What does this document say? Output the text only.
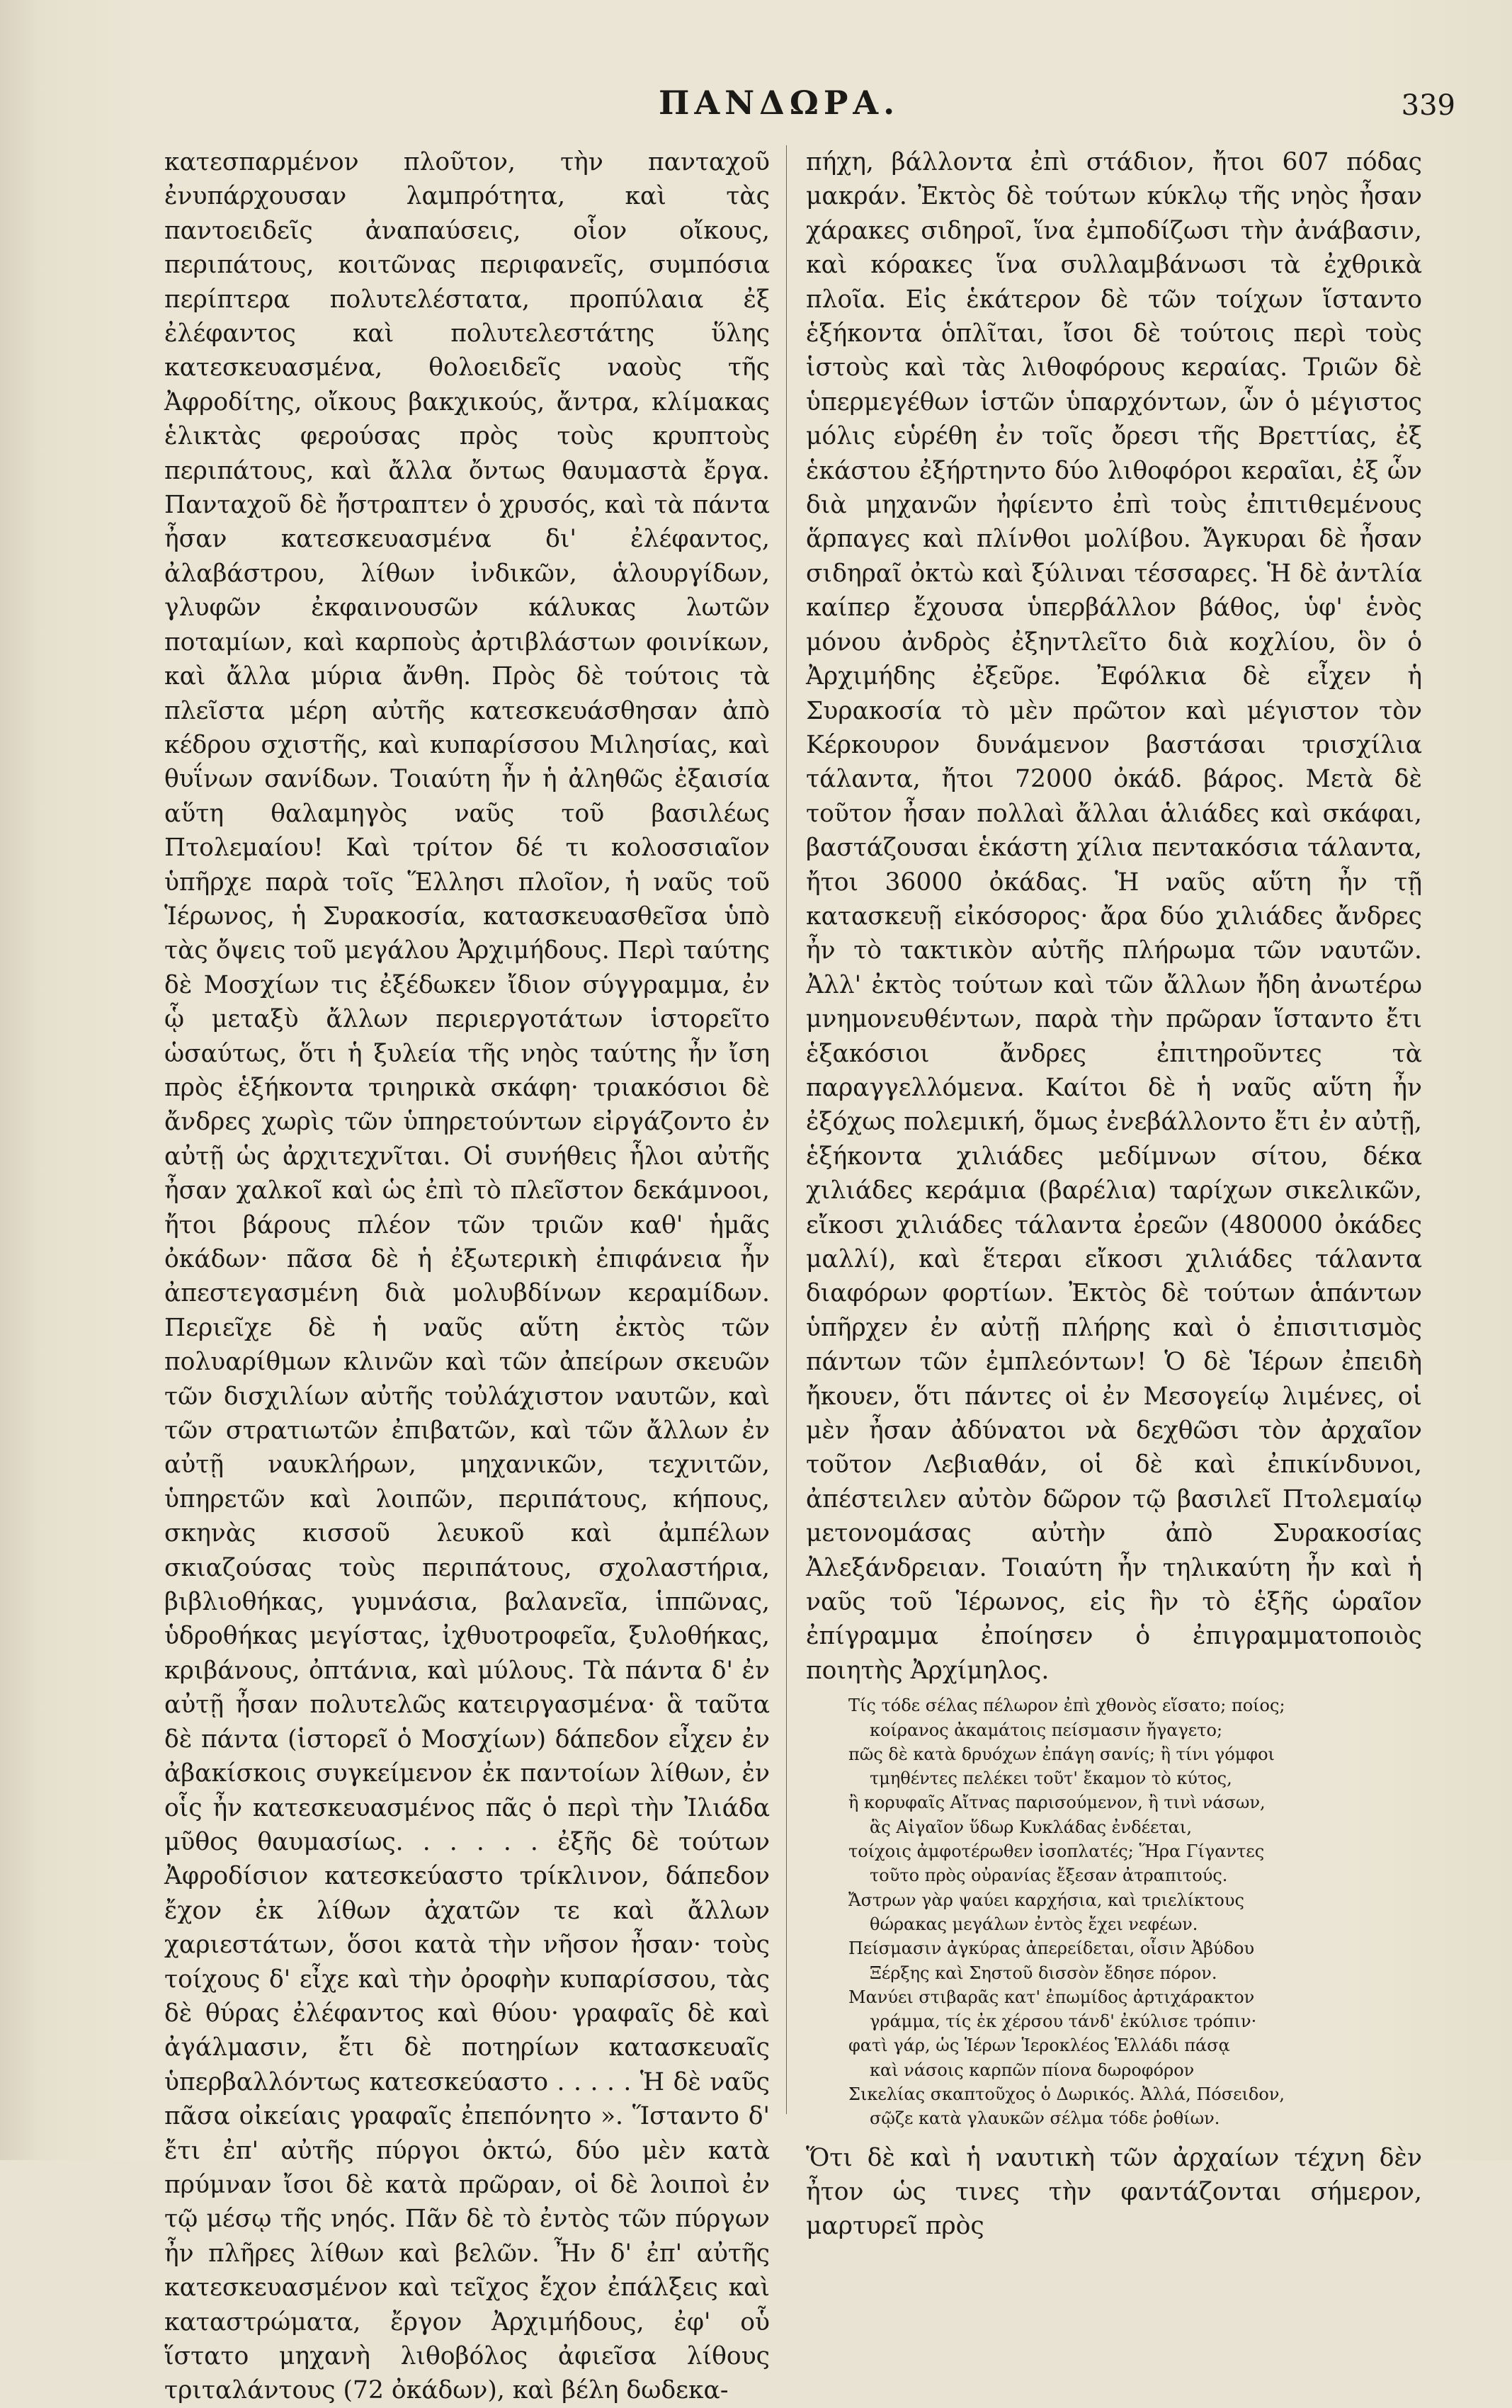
ΠΑΝΔΩΡΑ.	339

κατεσπαρμένον πλοῦτον, τὴν πανταχοῦ ἐνυπάρχουσαν λαμπρότητα, καὶ τὰς παντοειδεῖς ἀναπαύσεις, οἷον οἴκους, περιπάτους, κοιτῶνας περιφανεῖς, συμπόσια περίπτερα πολυτελέστατα, προπύλαια ἐξ ἐλέφαντος καὶ πολυτελεστάτης ὕλης κατεσκευασμένα, θολοειδεῖς ναοὺς τῆς Ἀφροδίτης, οἴκους βακχικούς, ἄντρα, κλίμακας ἑλικτὰς φερούσας πρὸς τοὺς κρυπτοὺς περιπάτους, καὶ ἄλλα ὄντως θαυμαστὰ ἔργα. Πανταχοῦ δὲ ἤστραπτεν ὁ χρυσός, καὶ τὰ πάντα ἦσαν κατεσκευασμένα δι' ἐλέφαντος, ἀλαβάστρου, λίθων ἰνδικῶν, ἁλουργίδων, γλυφῶν ἐκφαινουσῶν κάλυκας λωτῶν ποταμίων, καὶ καρποὺς ἀρτιβλάστων φοινίκων, καὶ ἄλλα μύρια ἄνθη. Πρὸς δὲ τούτοις τὰ πλεῖστα μέρη αὐτῆς κατεσκευάσθησαν ἀπὸ κέδρου σχιστῆς, καὶ κυπαρίσσου Μιλησίας, καὶ θυΐνων σανίδων. Τοιαύτη ἦν ἡ ἀληθῶς ἐξαισία αὕτη θαλαμηγὸς ναῦς τοῦ βασιλέως Πτολεμαίου! Καὶ τρίτον δέ τι κολοσσιαῖον ὑπῆρχε παρὰ τοῖς Ἕλλησι πλοῖον, ἡ ναῦς τοῦ Ἱέρωνος, ἡ Συρακοσία, κατασκευασθεῖσα ὑπὸ τὰς ὄψεις τοῦ μεγάλου Ἀρχιμήδους. Περὶ ταύτης δὲ Μοσχίων τις ἐξέδωκεν ἴδιον σύγγραμμα, ἐν ᾧ μεταξὺ ἄλλων περιεργοτάτων ἱστορεῖτο ὡσαύτως, ὅτι ἡ ξυλεία τῆς νηὸς ταύτης ἦν ἴση πρὸς ἑξήκοντα τριηρικὰ σκάφη· τριακόσιοι δὲ ἄνδρες χωρὶς τῶν ὑπηρετούντων εἰργάζοντο ἐν αὐτῇ ὡς ἀρχιτεχνῖται. Οἱ συνήθεις ἧλοι αὐτῆς ἦσαν χαλκοῖ καὶ ὡς ἐπὶ τὸ πλεῖστον δεκάμνοοι, ἤτοι βάρους πλέον τῶν τριῶν καθ' ἡμᾶς ὀκάδων· πᾶσα δὲ ἡ ἐξωτερικὴ ἐπιφάνεια ἦν ἀπεστεγασμένη διὰ μολυβδίνων κεραμίδων. Περιεῖχε δὲ ἡ ναῦς αὕτη ἐκτὸς τῶν πολυαρίθμων κλινῶν καὶ τῶν ἀπείρων σκευῶν τῶν δισχιλίων αὐτῆς τοὐλάχιστον ναυτῶν, καὶ τῶν στρατιωτῶν ἐπιβατῶν, καὶ τῶν ἄλλων ἐν αὐτῇ ναυκλήρων, μηχανικῶν, τεχνιτῶν, ὑπηρετῶν καὶ λοιπῶν, περιπάτους, κήπους, σκηνὰς κισσοῦ λευκοῦ καὶ ἀμπέλων σκιαζούσας τοὺς περιπάτους, σχολαστήρια, βιβλιοθήκας, γυμνάσια, βαλανεῖα, ἱππῶνας, ὑδροθήκας μεγίστας, ἰχθυοτροφεῖα, ξυλοθήκας, κριβάνους, ὀπτάνια, καὶ μύλους. Τὰ πάντα δ' ἐν αὐτῇ ἦσαν πολυτελῶς κατειργασμένα· ἃ ταῦτα δὲ πάντα (ἱστορεῖ ὁ Μοσχίων) δάπεδον εἶχεν ἐν ἀβακίσκοις συγκείμενον ἐκ παντοίων λίθων, ἐν οἷς ἦν κατεσκευασμένος πᾶς ὁ περὶ τὴν Ἰλιάδα μῦθος θαυμασίως. . . . . . ἐξῆς δὲ τούτων Ἀφροδίσιον κατεσκεύαστο τρίκλινον, δάπεδον ἔχον ἐκ λίθων ἀχατῶν τε καὶ ἄλλων χαριεστάτων, ὅσοι κατὰ τὴν νῆσον ἦσαν· τοὺς τοίχους δ' εἶχε καὶ τὴν ὀροφὴν κυπαρίσσου, τὰς δὲ θύρας ἐλέφαντος καὶ θύου· γραφαῖς δὲ καὶ ἀγάλμασιν, ἔτι δὲ ποτηρίων κατασκευαῖς ὑπερβαλλόντως κατεσκεύαστο . . . . . Ἡ δὲ ναῦς πᾶσα οἰκείαις γραφαῖς ἐπεπόνητο ». Ἵσταντο δ' ἔτι ἐπ' αὐτῆς πύργοι ὀκτώ, δύο μὲν κατὰ πρύμναν ἴσοι δὲ κατὰ πρῶραν, οἱ δὲ λοιποὶ ἐν τῷ μέσῳ τῆς νηός. Πᾶν δὲ τὸ ἐντὸς τῶν πύργων ἦν πλῆρες λίθων καὶ βελῶν. Ἦν δ' ἐπ' αὐτῆς κατεσκευασμένον καὶ τεῖχος ἔχον ἐπάλξεις καὶ καταστρώματα, ἔργον Ἀρχιμήδους, ἐφ' οὗ ἵστατο μηχανὴ λιθοβόλος ἀφιεῖσα λίθους τριταλάντους (72 ὀκάδων), καὶ βέλη δωδεκα-

πήχη, βάλλοντα ἐπὶ στάδιον, ἤτοι 607 πόδας μακράν. Ἐκτὸς δὲ τούτων κύκλῳ τῆς νηὸς ἦσαν χάρακες σιδηροῖ, ἵνα ἐμποδίζωσι τὴν ἀνάβασιν, καὶ κόρακες ἵνα συλλαμβάνωσι τὰ ἐχθρικὰ πλοῖα. Εἰς ἑκάτερον δὲ τῶν τοίχων ἵσταντο ἑξήκοντα ὁπλῖται, ἴσοι δὲ τούτοις περὶ τοὺς ἱστοὺς καὶ τὰς λιθοφόρους κεραίας. Τριῶν δὲ ὑπερμεγέθων ἱστῶν ὑπαρχόντων, ὧν ὁ μέγιστος μόλις εὑρέθη ἐν τοῖς ὄρεσι τῆς Βρεττίας, ἐξ ἑκάστου ἐξήρτηντο δύο λιθοφόροι κεραῖαι, ἐξ ὧν διὰ μηχανῶν ἠφίεντο ἐπὶ τοὺς ἐπιτιθεμένους ἅρπαγες καὶ πλίνθοι μολίβου. Ἄγκυραι δὲ ἦσαν σιδηραῖ ὀκτὼ καὶ ξύλιναι τέσσαρες. Ἡ δὲ ἀντλία καίπερ ἔχουσα ὑπερβάλλον βάθος, ὑφ' ἑνὸς μόνου ἀνδρὸς ἐξηντλεῖτο διὰ κοχλίου, ὃν ὁ Ἀρχιμήδης ἐξεῦρε. Ἐφόλκια δὲ εἶχεν ἡ Συρακοσία τὸ μὲν πρῶτον καὶ μέγιστον τὸν Κέρκουρον δυνάμενον βαστάσαι τρισχίλια τάλαντα, ἤτοι 72000 ὀκάδ. βάρος. Μετὰ δὲ τοῦτον ἦσαν πολλαὶ ἄλλαι ἁλιάδες καὶ σκάφαι, βαστάζουσαι ἑκάστη χίλια πεντακόσια τάλαντα, ἤτοι 36000 ὀκάδας. Ἡ ναῦς αὕτη ἦν τῇ κατασκευῇ εἰκόσορος· ἄρα δύο χιλιάδες ἄνδρες ἦν τὸ τακτικὸν αὐτῆς πλήρωμα τῶν ναυτῶν. Ἀλλ' ἐκτὸς τούτων καὶ τῶν ἄλλων ἤδη ἀνωτέρω μνημονευθέντων, παρὰ τὴν πρῶραν ἵσταντο ἔτι ἑξακόσιοι ἄνδρες ἐπιτηροῦντες τὰ παραγγελλόμενα. Καίτοι δὲ ἡ ναῦς αὕτη ἦν ἐξόχως πολεμική, ὅμως ἐνεβάλλοντο ἔτι ἐν αὐτῇ, ἑξήκοντα χιλιάδες μεδίμνων σίτου, δέκα χιλιάδες κεράμια (βαρέλια) ταρίχων σικελικῶν, εἴκοσι χιλιάδες τάλαντα ἐρεῶν (480000 ὀκάδες μαλλί), καὶ ἕτεραι εἴκοσι χιλιάδες τάλαντα διαφόρων φορτίων. Ἐκτὸς δὲ τούτων ἁπάντων ὑπῆρχεν ἐν αὐτῇ πλήρης καὶ ὁ ἐπισιτισμὸς πάντων τῶν ἐμπλεόντων! Ὁ δὲ Ἱέρων ἐπειδὴ ἤκουεν, ὅτι πάντες οἱ ἐν Μεσογείῳ λιμένες, οἱ μὲν ἦσαν ἀδύνατοι νὰ δεχθῶσι τὸν ἀρχαῖον τοῦτον Λεβιαθάν, οἱ δὲ καὶ ἐπικίνδυνοι, ἀπέστειλεν αὐτὸν δῶρον τῷ βασιλεῖ Πτολεμαίῳ μετονομάσας αὐτὴν ἀπὸ Συρακοσίας Ἀλεξάνδρειαν. Τοιαύτη ἦν τηλικαύτη ἦν καὶ ἡ ναῦς τοῦ Ἱέρωνος, εἰς ἣν τὸ ἑξῆς ὡραῖον ἐπίγραμμα ἐποίησεν ὁ ἐπιγραμματοποιὸς ποιητὴς Ἀρχίμηλος.

Τίς τόδε σέλας πέλωρον ἐπὶ χθονὸς εἵσατο; ποίος;
κοίρανος ἀκαμάτοις πείσμασιν ἤγαγετο;
πῶς δὲ κατὰ δρυόχων ἐπάγη σανίς; ἢ τίνι γόμφοι
τμηθέντες πελέκει τοῦτ' ἔκαμον τὸ κύτος,
ἢ κορυφαῖς Αἴτνας παρισούμενον, ἢ τινὶ νάσων,
ἃς Αἰγαῖον ὕδωρ Κυκλάδας ἐνδέεται,
τοίχοις ἀμφοτέρωθεν ἰσοπλατές; Ἥρα Γίγαντες
τοῦτο πρὸς οὐρανίας ἔξεσαν ἀτραπιτούς.
Ἄστρων γὰρ ψαύει καρχήσια, καὶ τριελίκτους
θώρακας μεγάλων ἐντὸς ἔχει νεφέων.
Πείσμασιν ἀγκύρας ἀπερείδεται, οἷσιν Ἀβύδου
Ξέρξης καὶ Σηστοῦ δισσὸν ἔδησε πόρον.
Μανύει στιβαρᾶς κατ' ἐπωμίδος ἀρτιχάρακτον
γράμμα, τίς ἐκ χέρσου τάνδ' ἐκύλισε τρόπιν·
φατὶ γάρ, ὡς Ἱέρων Ἱεροκλέος Ἑλλάδι πάσᾳ
καὶ νάσοις καρπῶν πίονα δωροφόρον
Σικελίας σκαπτοῦχος ὁ Δωρικός. Ἀλλά, Πόσειδον,
σῷζε κατὰ γλαυκῶν σέλμα τόδε ῥοθίων.

Ὅτι δὲ καὶ ἡ ναυτικὴ τῶν ἀρχαίων τέχνη δὲν ἦτον ὡς τινες τὴν φαντάζονται σήμερον, μαρτυρεῖ πρὸς
